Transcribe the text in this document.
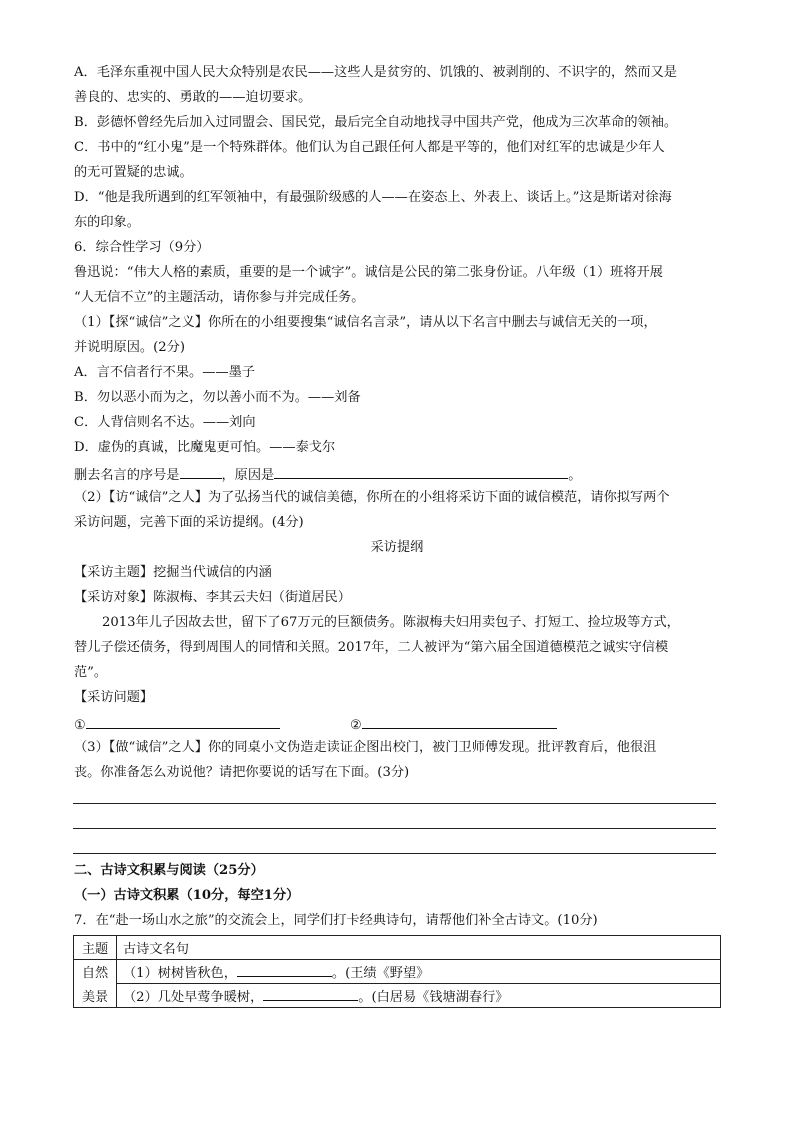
A．毛泽东重视中国人民大众特别是农民——这些人是贫穷的、饥饿的、被剥削的、不识字的，然而又是
善良的、忠实的、勇敢的——迫切要求。
B．彭德怀曾经先后加入过同盟会、国民党，最后完全自动地找寻中国共产党，他成为三次革命的领袖。
C．书中的“红小鬼”是一个特殊群体。他们认为自己跟任何人都是平等的，他们对红军的忠诚是少年人
的无可置疑的忠诚。
D．“他是我所遇到的红军领袖中，有最强阶级感的人——在姿态上、外表上、谈话上。”这是斯诺对徐海
东的印象。
6．综合性学习（9分）
鲁迅说：“伟大人格的素质，重要的是一个诚字”。诚信是公民的第二张身份证。八年级（1）班将开展
“人无信不立”的主题活动，请你参与并完成任务。
（1）【探“诚信”之义】你所在的小组要搜集“诚信名言录”，请从以下名言中删去与诚信无关的一项，
并说明原因。(2分)
A．言不信者行不果。——墨子
B．勿以恶小而为之，勿以善小而不为。——刘备
C．人背信则名不达。——刘向
D．虚伪的真诚，比魔鬼更可怕。——泰戈尔
删去名言的序号是	，原因是	。
（2）【访“诚信”之人】为了弘扬当代的诚信美德，你所在的小组将采访下面的诚信模范，请你拟写两个
采访问题，完善下面的采访提纲。(4分)
采访提纲
【采访主题】挖掘当代诚信的内涵
【采访对象】陈淑梅、李其云夫妇（街道居民）
2013年儿子因故去世，留下了67万元的巨额债务。陈淑梅夫妇用卖包子、打短工、捡垃圾等方式，
替儿子偿还债务，得到周围人的同情和关照。2017年，二人被评为“第六届全国道德模范之诚实守信模
范”。
【采访问题】
①	②
（3）【做“诚信”之人】你的同桌小文伪造走读证企图出校门，被门卫师傅发现。批评教育后，他很沮
丧。你准备怎么劝说他？请把你要说的话写在下面。(3分)
二、古诗文积累与阅读（25分）
（一）古诗文积累（10分，每空1分）
7．在“赴一场山水之旅”的交流会上，同学们打卡经典诗句，请帮他们补全古诗文。(10分)
主题	古诗文名句
自然	（1）树树皆秋色， 。(王绩《野望》
美景	（2）几处早莺争暖树， 。(白居易《钱塘湖春行》
